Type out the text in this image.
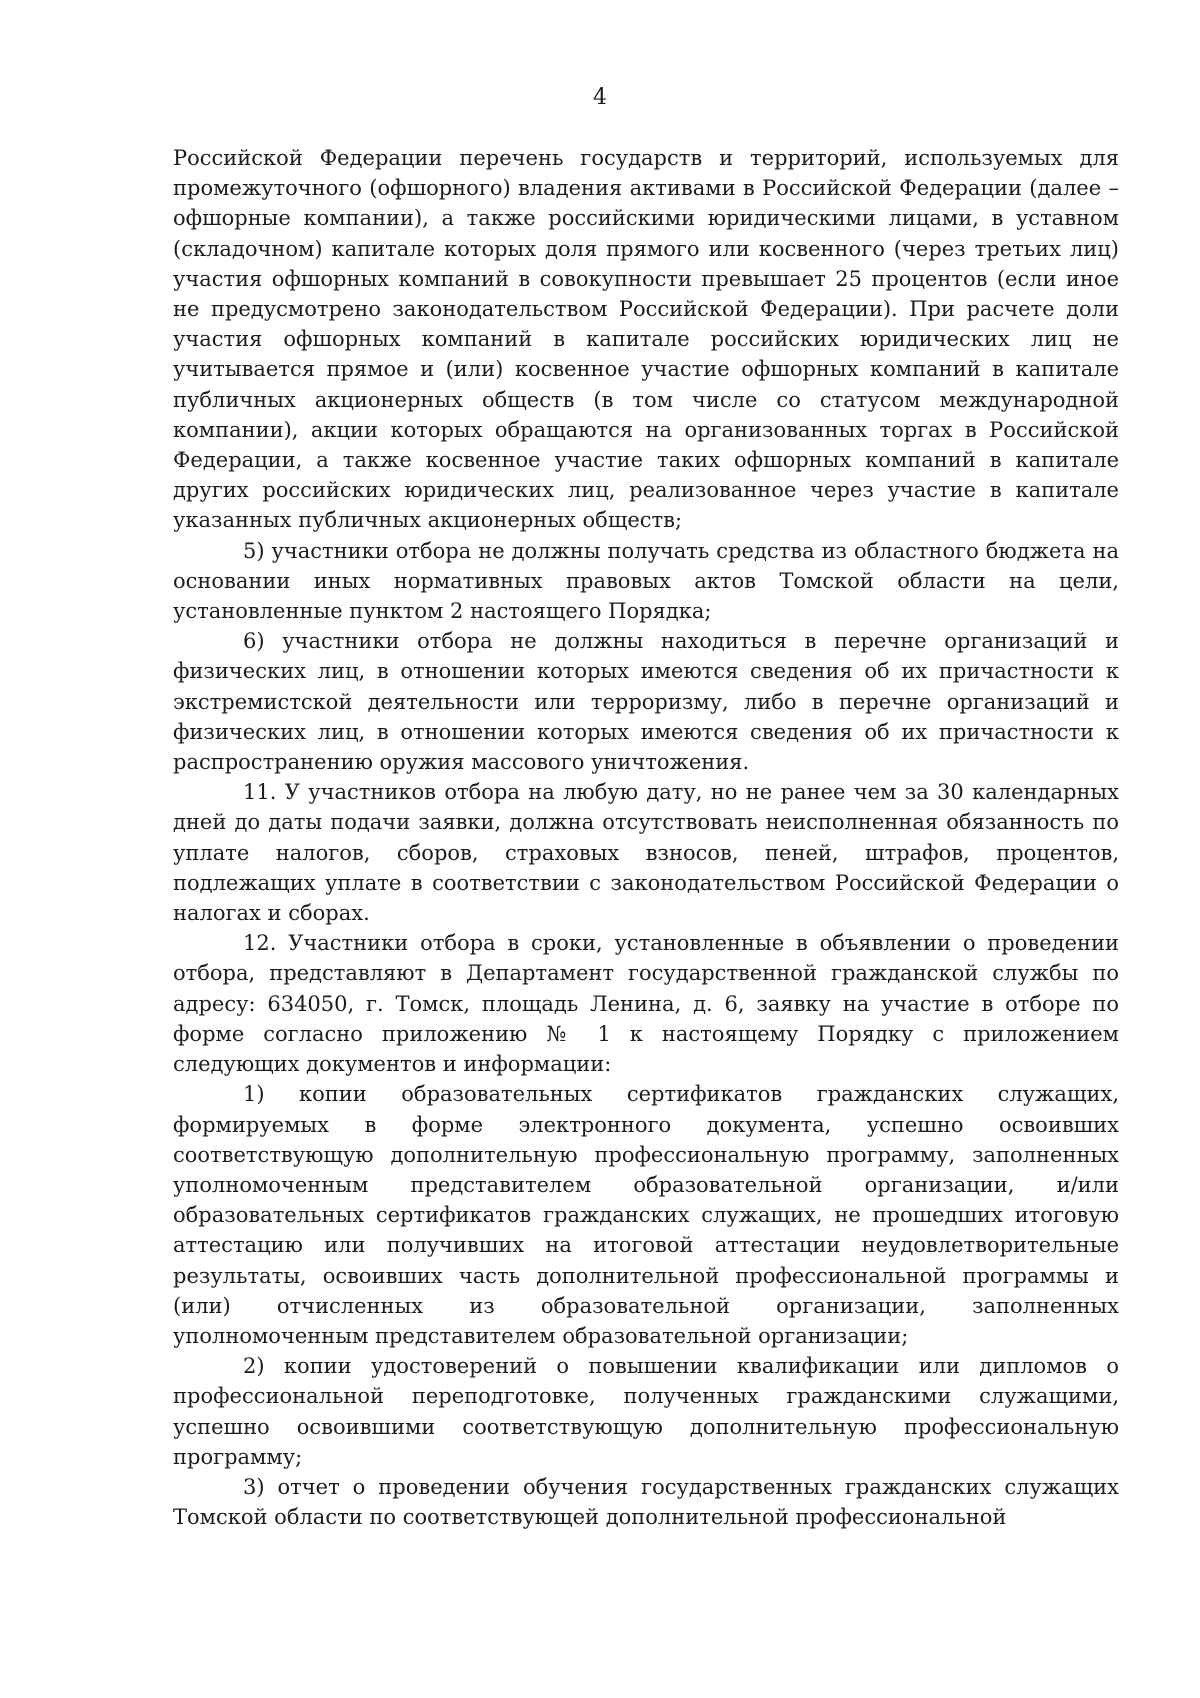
4

Российской Федерации перечень государств и территорий, используемых для промежуточного (офшорного) владения активами в Российской Федерации (далее – офшорные компании), а также российскими юридическими лицами, в уставном (складочном) капитале которых доля прямого или косвенного (через третьих лиц) участия офшорных компаний в совокупности превышает 25 процентов (если иное не предусмотрено законодательством Российской Федерации). При расчете доли участия офшорных компаний в капитале российских юридических лиц не учитывается прямое и (или) косвенное участие офшорных компаний в капитале публичных акционерных обществ (в том числе со статусом международной компании), акции которых обращаются на организованных торгах в Российской Федерации, а также косвенное участие таких офшорных компаний в капитале других российских юридических лиц, реализованное через участие в капитале указанных публичных акционерных обществ;

5) участники отбора не должны получать средства из областного бюджета на основании иных нормативных правовых актов Томской области на цели, установленные пунктом 2 настоящего Порядка;

6) участники отбора не должны находиться в перечне организаций и физических лиц, в отношении которых имеются сведения об их причастности к экстремистской деятельности или терроризму, либо в перечне организаций и физических лиц, в отношении которых имеются сведения об их причастности к распространению оружия массового уничтожения.

11. У участников отбора на любую дату, но не ранее чем за 30 календарных дней до даты подачи заявки, должна отсутствовать неисполненная обязанность по уплате налогов, сборов, страховых взносов, пеней, штрафов, процентов, подлежащих уплате в соответствии с законодательством Российской Федерации о налогах и сборах.

12. Участники отбора в сроки, установленные в объявлении о проведении отбора, представляют в Департамент государственной гражданской службы по адресу: 634050, г. Томск, площадь Ленина, д. 6, заявку на участие в отборе по форме согласно приложению № 1 к настоящему Порядку с приложением следующих документов и информации:

1) копии образовательных сертификатов гражданских служащих, формируемых в форме электронного документа, успешно освоивших соответствующую дополнительную профессиональную программу, заполненных уполномоченным представителем образовательной организации, и/или образовательных сертификатов гражданских служащих, не прошедших итоговую аттестацию или получивших на итоговой аттестации неудовлетворительные результаты, освоивших часть дополнительной профессиональной программы и (или) отчисленных из образовательной организации, заполненных уполномоченным представителем образовательной организации;

2) копии удостоверений о повышении квалификации или дипломов о профессиональной переподготовке, полученных гражданскими служащими, успешно освоившими соответствующую дополнительную профессиональную программу;

3) отчет о проведении обучения государственных гражданских служащих Томской области по соответствующей дополнительной профессиональной
